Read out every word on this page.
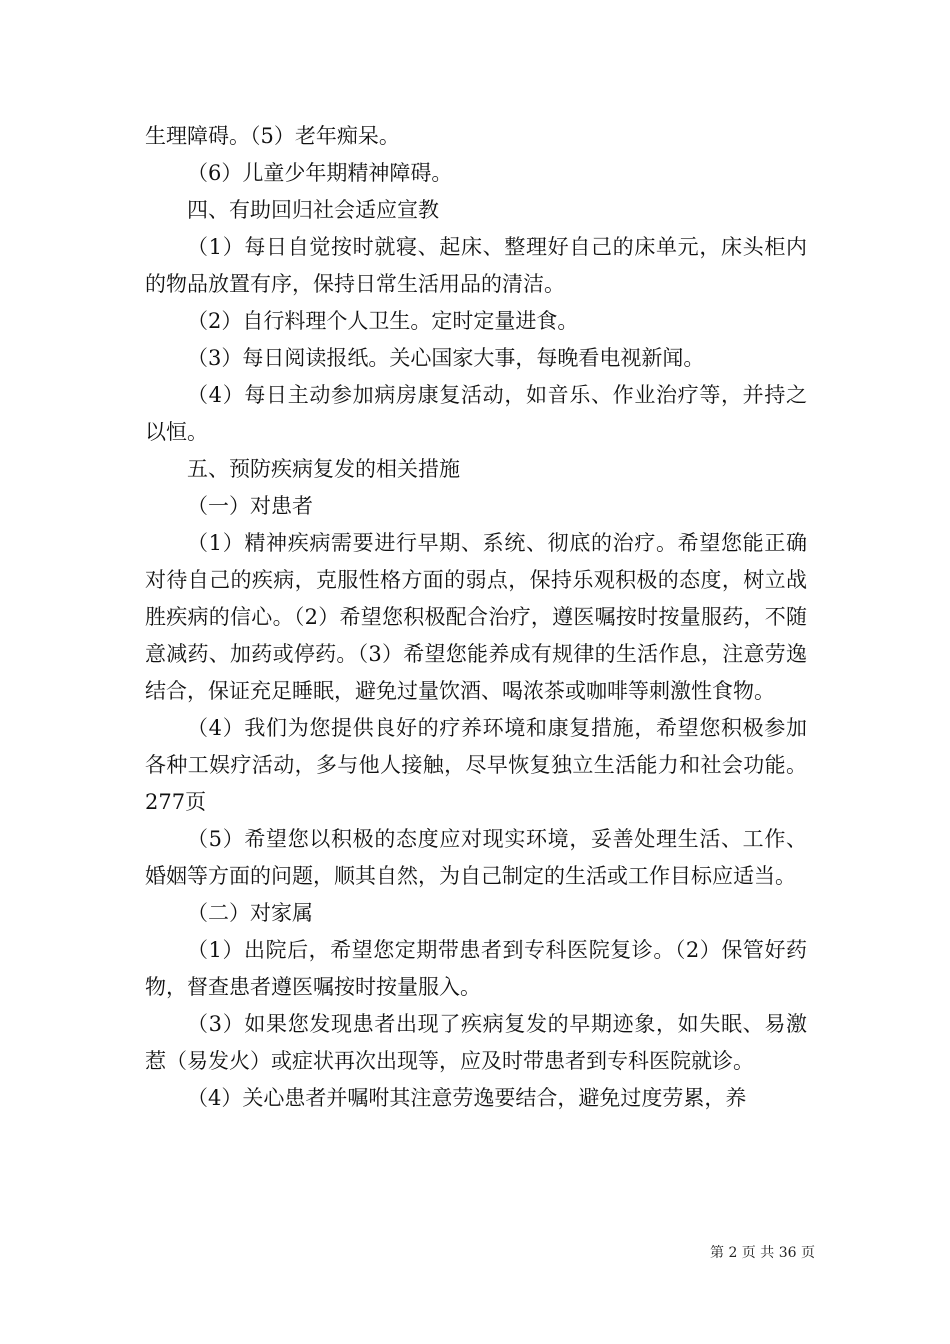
生理障碍。（5）老年痴呆。

（6）儿童少年期精神障碍。

四、有助回归社会适应宣教

（1）每日自觉按时就寝、起床、整理好自己的床单元，床头柜内的物品放置有序，保持日常生活用品的清洁。

（2）自行料理个人卫生。定时定量进食。

（3）每日阅读报纸。关心国家大事，每晚看电视新闻。

（4）每日主动参加病房康复活动，如音乐、作业治疗等，并持之以恒。

五、预防疾病复发的相关措施

（一）对患者

（1）精神疾病需要进行早期、系统、彻底的治疗。希望您能正确对待自己的疾病，克服性格方面的弱点，保持乐观积极的态度，树立战胜疾病的信心。（2）希望您积极配合治疗，遵医嘱按时按量服药，不随意减药、加药或停药。（3）希望您能养成有规律的生活作息，注意劳逸结合，保证充足睡眠，避免过量饮酒、喝浓茶或咖啡等刺激性食物。

（4）我们为您提供良好的疗养环境和康复措施，希望您积极参加各种工娱疗活动，多与他人接触，尽早恢复独立生活能力和社会功能。277页

（5）希望您以积极的态度应对现实环境，妥善处理生活、工作、婚姻等方面的问题，顺其自然，为自己制定的生活或工作目标应适当。

（二）对家属

（1）出院后，希望您定期带患者到专科医院复诊。（2）保管好药物，督查患者遵医嘱按时按量服入。

（3）如果您发现患者出现了疾病复发的早期迹象，如失眠、易激惹（易发火）或症状再次出现等，应及时带患者到专科医院就诊。

（4）关心患者并嘱咐其注意劳逸要结合，避免过度劳累，养

第 2 页 共 36 页
